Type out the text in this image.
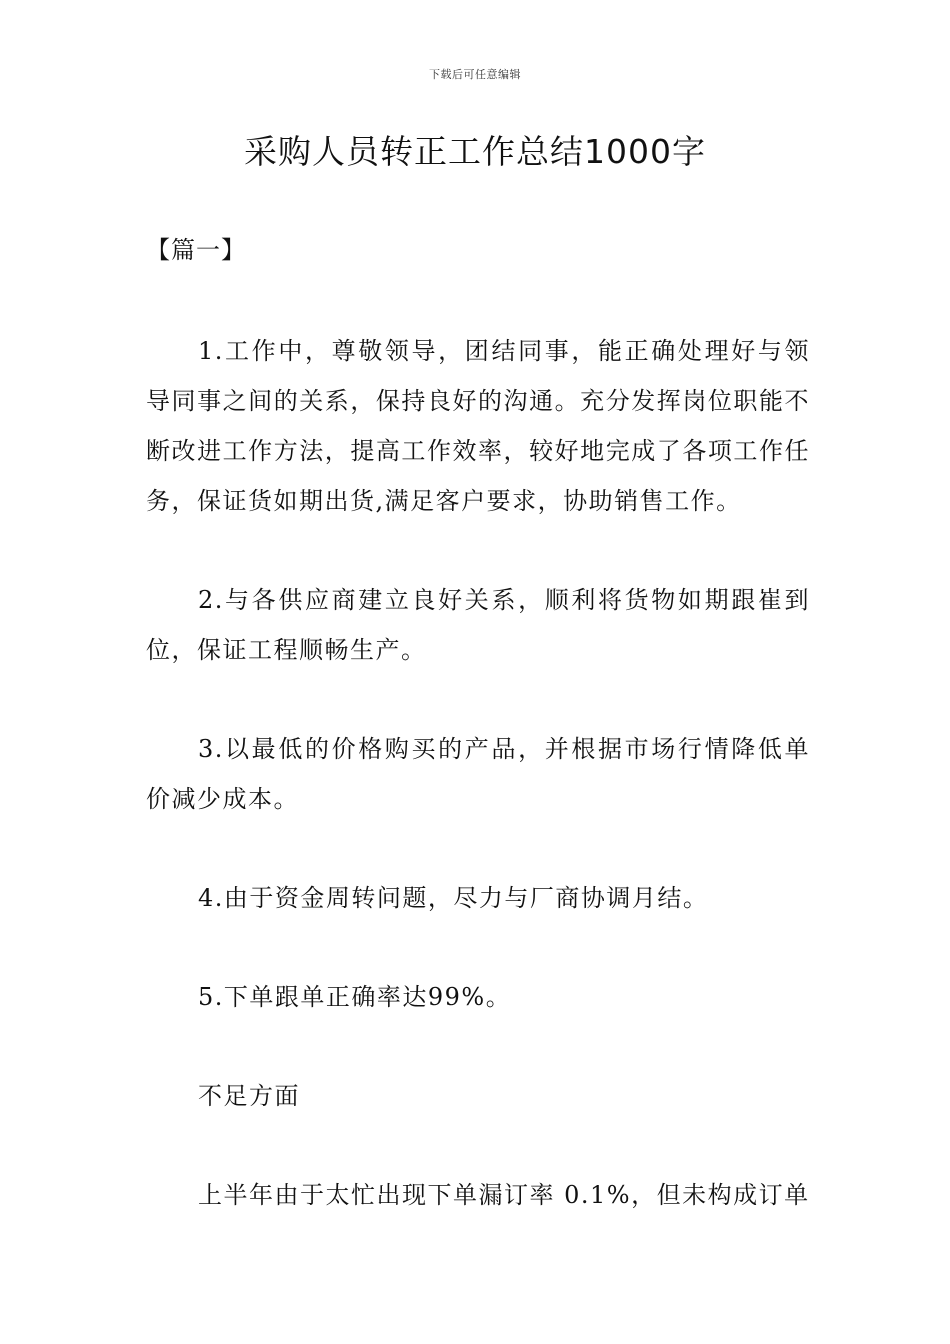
下载后可任意编辑
采购人员转正工作总结1000字
【篇一】

1.工作中，尊敬领导，团结同事，能正确处理好与领导同事之间的关系，保持良好的沟通。充分发挥岗位职能不断改进工作方法，提高工作效率，较好地完成了各项工作任务，保证货如期出货,满足客户要求，协助销售工作。

2.与各供应商建立良好关系，顺利将货物如期跟崔到位，保证工程顺畅生产。

3.以最低的价格购买的产品，并根据市场行情降低单价减少成本。

4.由于资金周转问题，尽力与厂商协调月结。

5.下单跟单正确率达99%。

不足方面

上半年由于太忙出现下单漏订率 0.1%，但未构成订单
